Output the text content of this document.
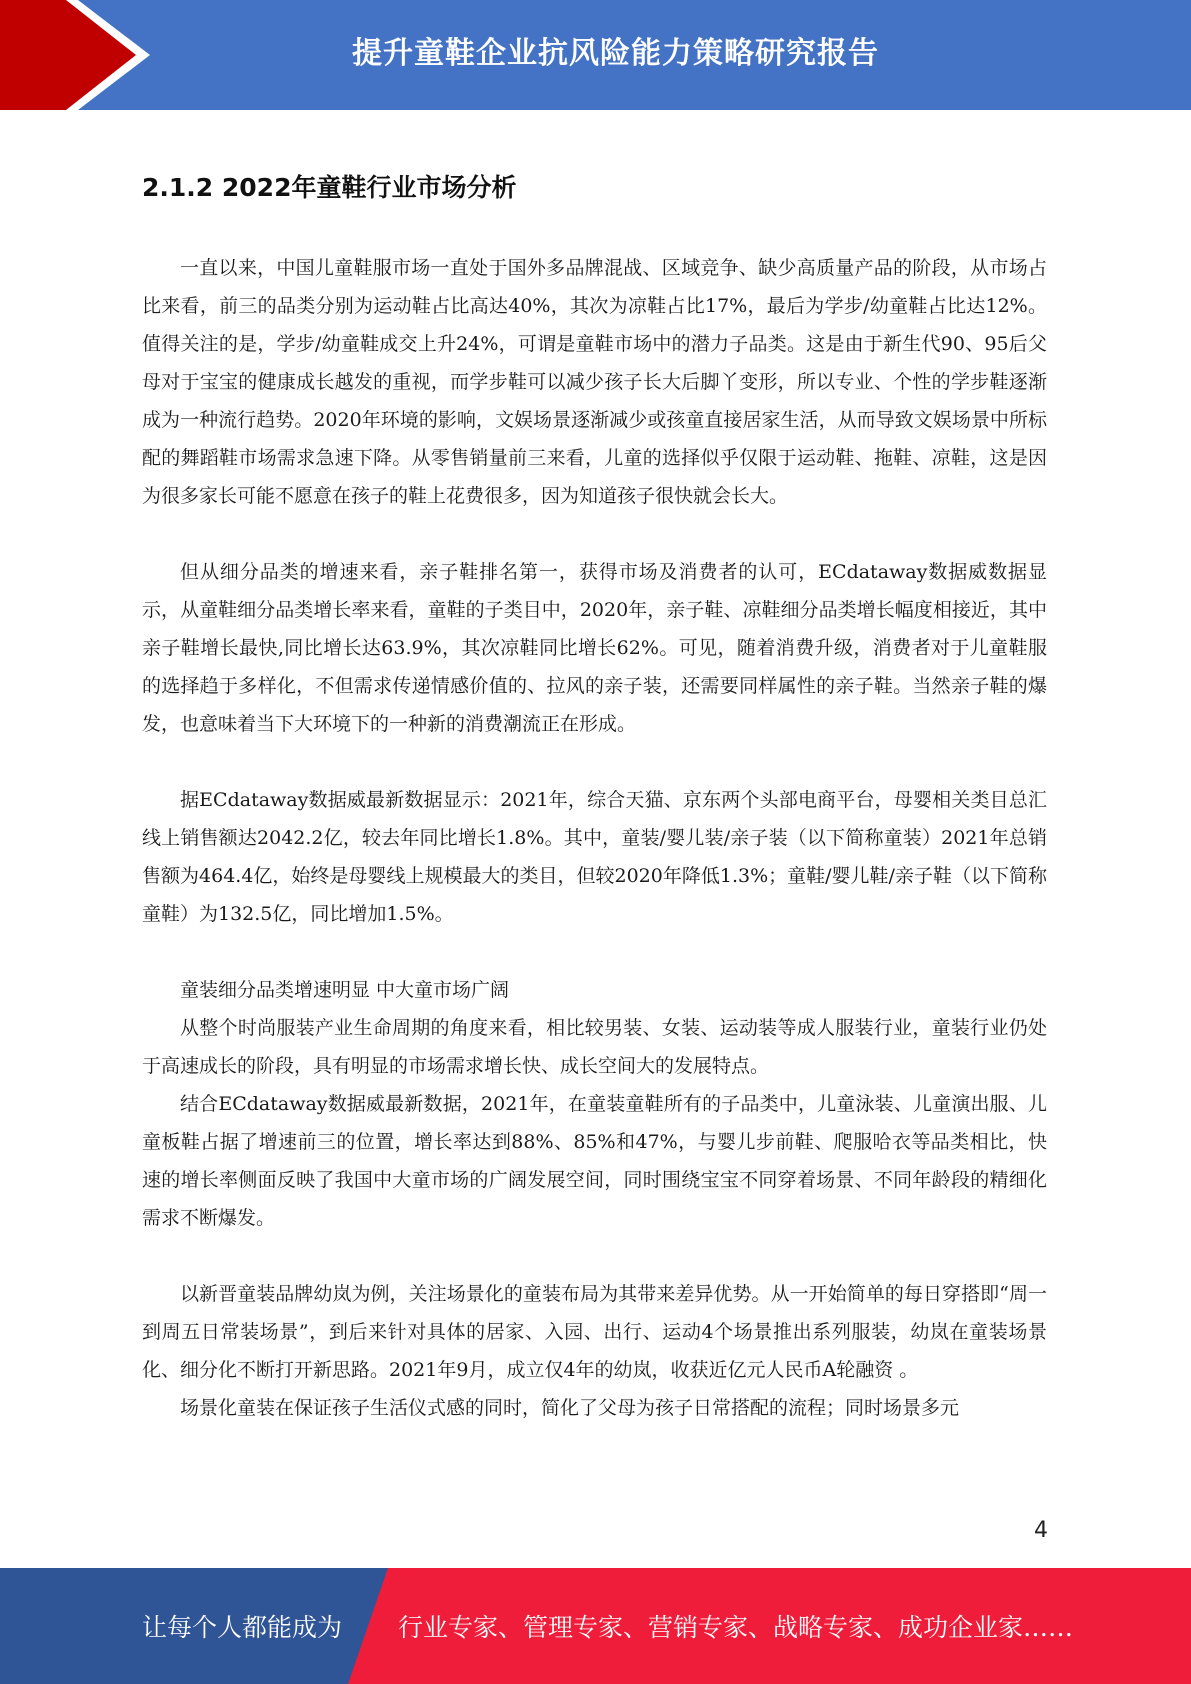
提升童鞋企业抗风险能力策略研究报告
2.1.2 2022年童鞋行业市场分析

一直以来，中国儿童鞋服市场一直处于国外多品牌混战、区域竞争、缺少高质量产品的阶段，从市场占比来看，前三的品类分别为运动鞋占比高达40%，其次为凉鞋占比17%，最后为学步/幼童鞋占比达12%。值得关注的是，学步/幼童鞋成交上升24%，可谓是童鞋市场中的潜力子品类。这是由于新生代90、95后父母对于宝宝的健康成长越发的重视，而学步鞋可以减少孩子长大后脚丫变形，所以专业、个性的学步鞋逐渐成为一种流行趋势。2020年环境的影响，文娱场景逐渐减少或孩童直接居家生活，从而导致文娱场景中所标配的舞蹈鞋市场需求急速下降。从零售销量前三来看，儿童的选择似乎仅限于运动鞋、拖鞋、凉鞋，这是因为很多家长可能不愿意在孩子的鞋上花费很多，因为知道孩子很快就会长大。

但从细分品类的增速来看，亲子鞋排名第一，获得市场及消费者的认可，ECdataway数据威数据显示，从童鞋细分品类增长率来看，童鞋的子类目中，2020年，亲子鞋、凉鞋细分品类增长幅度相接近，其中亲子鞋增长最快,同比增长达63.9%，其次凉鞋同比增长62%。可见，随着消费升级，消费者对于儿童鞋服的选择趋于多样化，不但需求传递情感价值的、拉风的亲子装，还需要同样属性的亲子鞋。当然亲子鞋的爆发，也意味着当下大环境下的一种新的消费潮流正在形成。

据ECdataway数据威最新数据显示：2021年，综合天猫、京东两个头部电商平台，母婴相关类目总汇线上销售额达2042.2亿，较去年同比增长1.8%。其中，童装/婴儿装/亲子装（以下简称童装）2021年总销售额为464.4亿，始终是母婴线上规模最大的类目，但较2020年降低1.3%；童鞋/婴儿鞋/亲子鞋（以下简称童鞋）为132.5亿，同比增加1.5%。

童装细分品类增速明显 中大童市场广阔

从整个时尚服装产业生命周期的角度来看，相比较男装、女装、运动装等成人服装行业，童装行业仍处于高速成长的阶段，具有明显的市场需求增长快、成长空间大的发展特点。

结合ECdataway数据威最新数据，2021年，在童装童鞋所有的子品类中，儿童泳装、儿童演出服、儿童板鞋占据了增速前三的位置，增长率达到88%、85%和47%，与婴儿步前鞋、爬服哈衣等品类相比，快速的增长率侧面反映了我国中大童市场的广阔发展空间，同时围绕宝宝不同穿着场景、不同年龄段的精细化需求不断爆发。

以新晋童装品牌幼岚为例，关注场景化的童装布局为其带来差异优势。从一开始简单的每日穿搭即“周一到周五日常装场景”，到后来针对具体的居家、入园、出行、运动4个场景推出系列服装，幼岚在童装场景化、细分化不断打开新思路。2021年9月，成立仅4年的幼岚，收获近亿元人民币A轮融资 。

场景化童装在保证孩子生活仪式感的同时，简化了父母为孩子日常搭配的流程；同时场景多元

4
让每个人都能成为 行业专家、管理专家、营销专家、战略专家、成功企业家……
